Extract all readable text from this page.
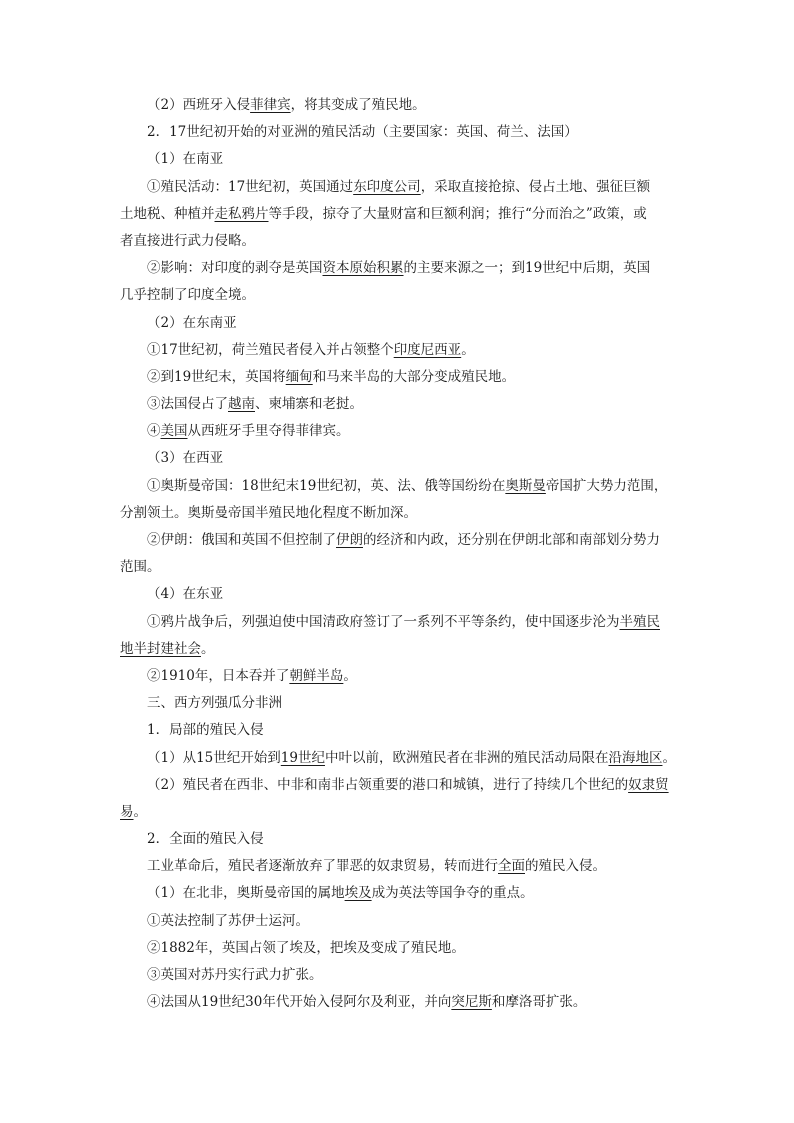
（2）西班牙入侵菲律宾，将其变成了殖民地。
2．17世纪初开始的对亚洲的殖民活动（主要国家：英国、荷兰、法国）
（1）在南亚
①殖民活动：17世纪初，英国通过东印度公司，采取直接抢掠、侵占土地、强征巨额
土地税、种植并走私鸦片等手段，掠夺了大量财富和巨额利润；推行“分而治之”政策，或
者直接进行武力侵略。
②影响：对印度的剥夺是英国资本原始积累的主要来源之一；到19世纪中后期，英国
几乎控制了印度全境。
（2）在东南亚
①17世纪初，荷兰殖民者侵入并占领整个印度尼西亚。
②到19世纪末，英国将缅甸和马来半岛的大部分变成殖民地。
③法国侵占了越南、柬埔寨和老挝。
④美国从西班牙手里夺得菲律宾。
（3）在西亚
①奥斯曼帝国：18世纪末19世纪初，英、法、俄等国纷纷在奥斯曼帝国扩大势力范围，
分割领土。奥斯曼帝国半殖民地化程度不断加深。
②伊朗：俄国和英国不但控制了伊朗的经济和内政，还分别在伊朗北部和南部划分势力
范围。
（4）在东亚
①鸦片战争后，列强迫使中国清政府签订了一系列不平等条约，使中国逐步沦为半殖民
地半封建社会。
②1910年，日本吞并了朝鲜半岛。
三、西方列强瓜分非洲
1．局部的殖民入侵
（1）从15世纪开始到19世纪中叶以前，欧洲殖民者在非洲的殖民活动局限在沿海地区。
（2）殖民者在西非、中非和南非占领重要的港口和城镇，进行了持续几个世纪的奴隶贸
易。
2．全面的殖民入侵
工业革命后，殖民者逐渐放弃了罪恶的奴隶贸易，转而进行全面的殖民入侵。
（1）在北非，奥斯曼帝国的属地埃及成为英法等国争夺的重点。
①英法控制了苏伊士运河。
②1882年，英国占领了埃及，把埃及变成了殖民地。
③英国对苏丹实行武力扩张。
④法国从19世纪30年代开始入侵阿尔及利亚，并向突尼斯和摩洛哥扩张。
